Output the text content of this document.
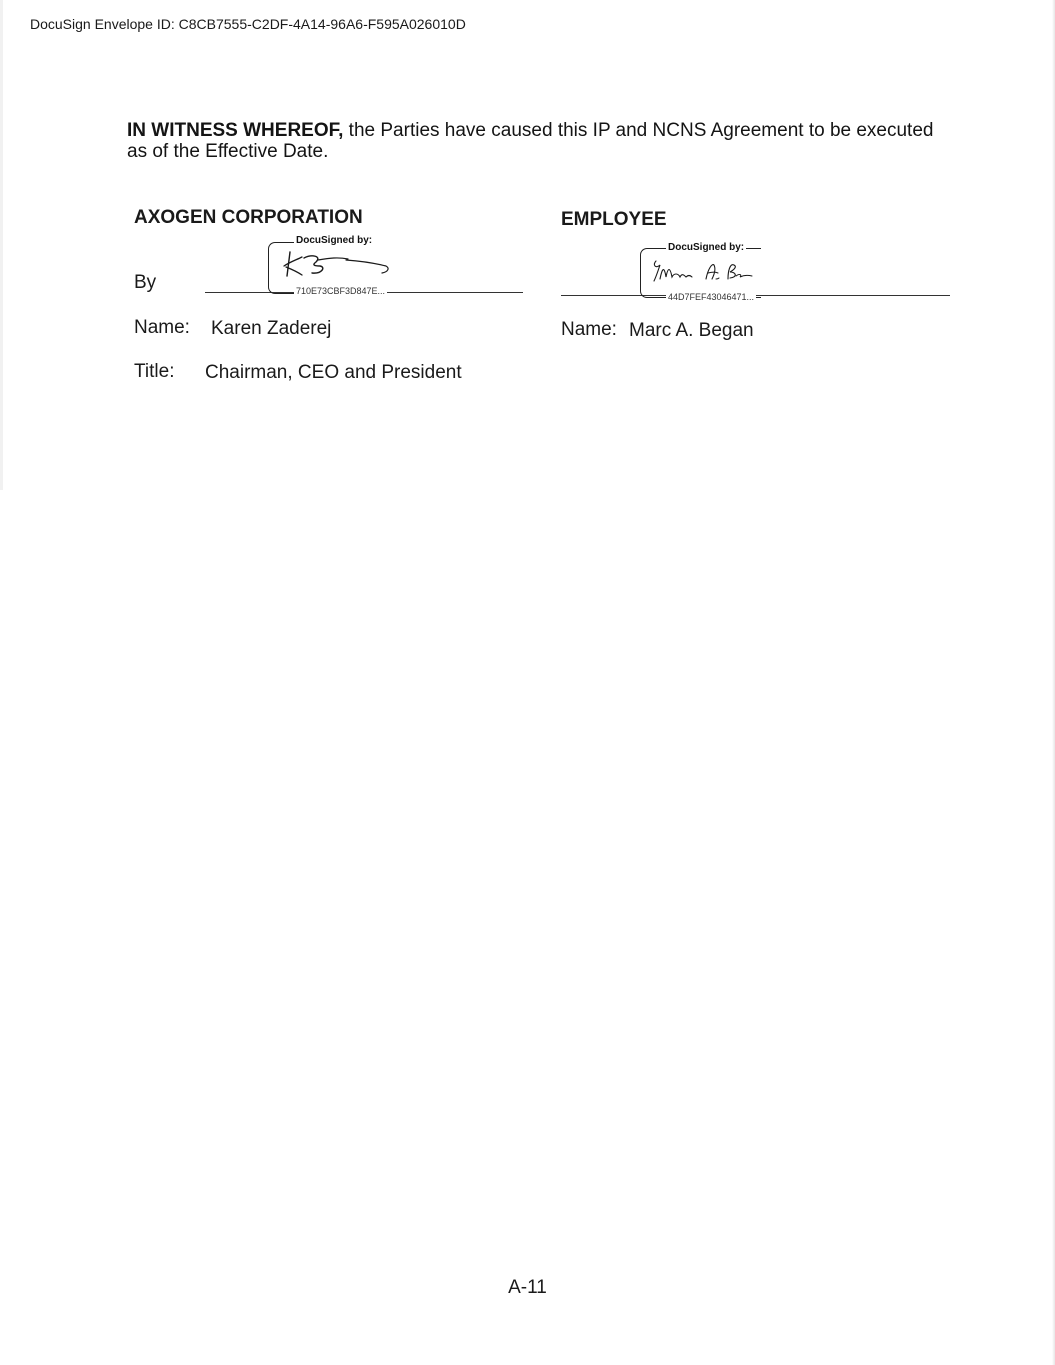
DocuSign Envelope ID: C8CB7555-C2DF-4A14-96A6-F595A026010D
IN WITNESS WHEREOF, the Parties have caused this IP and NCNS Agreement to be executed as of the Effective Date.
AXOGEN CORPORATION
By
DocuSigned by:
710E73CBF3D847E...
Name: Karen Zaderej
Title: Chairman, CEO and President
EMPLOYEE
DocuSigned by:
44D7FEF43046471...
Name: Marc A. Began
A-11
